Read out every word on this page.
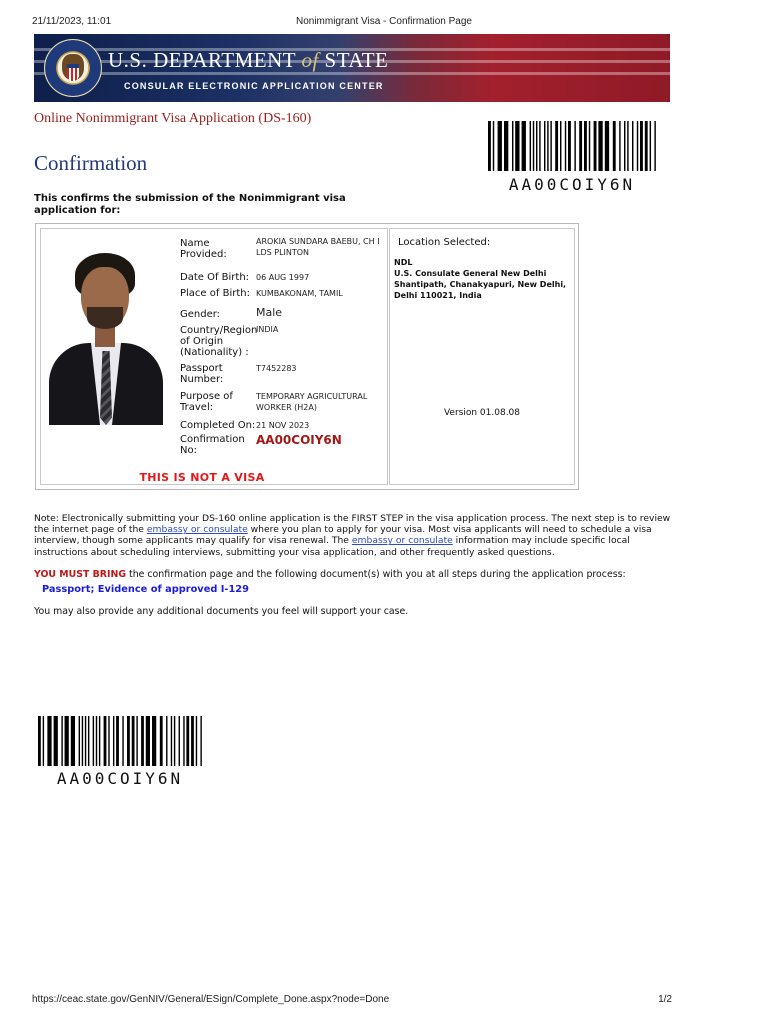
21/11/2023, 11:01	Nonimmigrant Visa - Confirmation Page
U.S. DEPARTMENT of STATE
CONSULAR ELECTRONIC APPLICATION CENTER
Online Nonimmigrant Visa Application (DS-160)
Confirmation
This confirms the submission of the Nonimmigrant visa application for:
AA00COIY6N
Name Provided:
AROKIA SUNDARA BAEBU, CH I LDS PLINTON
Date Of Birth: 06 AUG 1997
Place of Birth: KUMBAKONAM, TAMIL
Gender:	Male
Country/Region of Origin (Nationality) :
INDIA
Passport Number:
T7452283
Purpose of Travel:
TEMPORARY AGRICULTURAL WORKER (H2A)
Completed On: 21 NOV 2023
Confirmation No:
AA00COIY6N
THIS IS NOT A VISA
Location Selected:
NDL
U.S. Consulate General New Delhi
Shantipath, Chanakyapuri, New Delhi,
Delhi 110021, India
Version 01.08.08
Note: Electronically submitting your DS-160 online application is the FIRST STEP in the visa application process. The next step is to review the internet page of the embassy or consulate where you plan to apply for your visa. Most visa applicants will need to schedule a visa interview, though some applicants may qualify for visa renewal. The embassy or consulate information may include specific local instructions about scheduling interviews, submitting your visa application, and other frequently asked questions.
YOU MUST BRING the confirmation page and the following document(s) with you at all steps during the application process:
Passport; Evidence of approved I-129
You may also provide any additional documents you feel will support your case.
AA00COIY6N
https://ceac.state.gov/GenNIV/General/ESign/Complete_Done.aspx?node=Done	1/2
